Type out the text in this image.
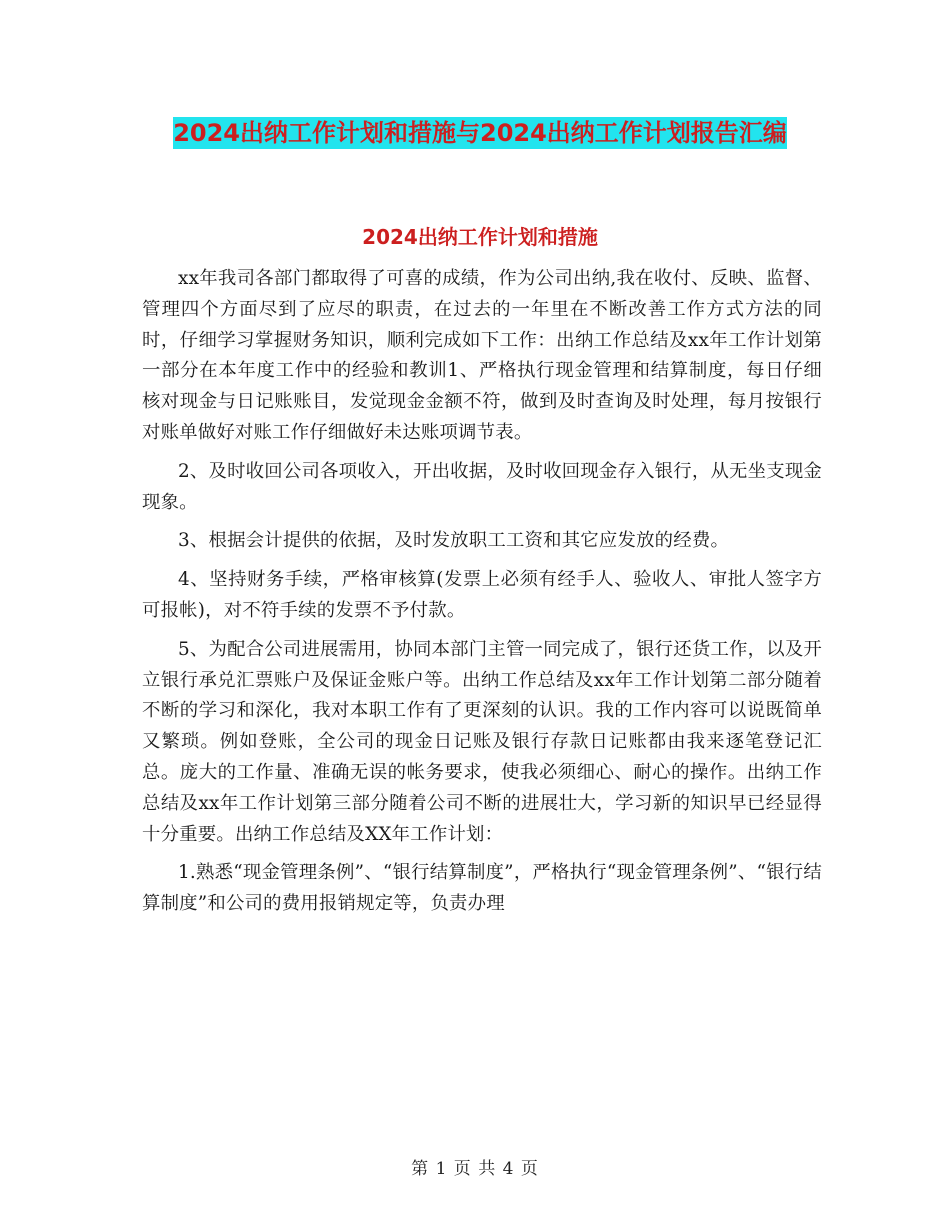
2024出纳工作计划和措施与2024出纳工作计划报告汇编
2024出纳工作计划和措施

xx年我司各部门都取得了可喜的成绩，作为公司出纳,我在收付、反映、监督、管理四个方面尽到了应尽的职责，在过去的一年里在不断改善工作方式方法的同时，仔细学习掌握财务知识，顺利完成如下工作：出纳工作总结及xx年工作计划第一部分在本年度工作中的经验和教训1、严格执行现金管理和结算制度，每日仔细核对现金与日记账账目，发觉现金金额不符，做到及时查询及时处理，每月按银行对账单做好对账工作仔细做好未达账项调节表。

2、及时收回公司各项收入，开出收据，及时收回现金存入银行，从无坐支现金现象。

3、根据会计提供的依据，及时发放职工工资和其它应发放的经费。

4、坚持财务手续，严格审核算(发票上必须有经手人、验收人、审批人签字方可报帐)，对不符手续的发票不予付款。

5、为配合公司进展需用，协同本部门主管一同完成了，银行还货工作，以及开立银行承兑汇票账户及保证金账户等。出纳工作总结及xx年工作计划第二部分随着不断的学习和深化，我对本职工作有了更深刻的认识。我的工作内容可以说既简单又繁琐。例如登账，全公司的现金日记账及银行存款日记账都由我来逐笔登记汇总。庞大的工作量、准确无误的帐务要求，使我必须细心、耐心的操作。出纳工作总结及xx年工作计划第三部分随着公司不断的进展壮大，学习新的知识早已经显得十分重要。出纳工作总结及XX年工作计划：

1.熟悉“现金管理条例”、“银行结算制度”，严格执行“现金管理条例”、“银行结算制度”和公司的费用报销规定等，负责办理

第 1 页 共 4 页
